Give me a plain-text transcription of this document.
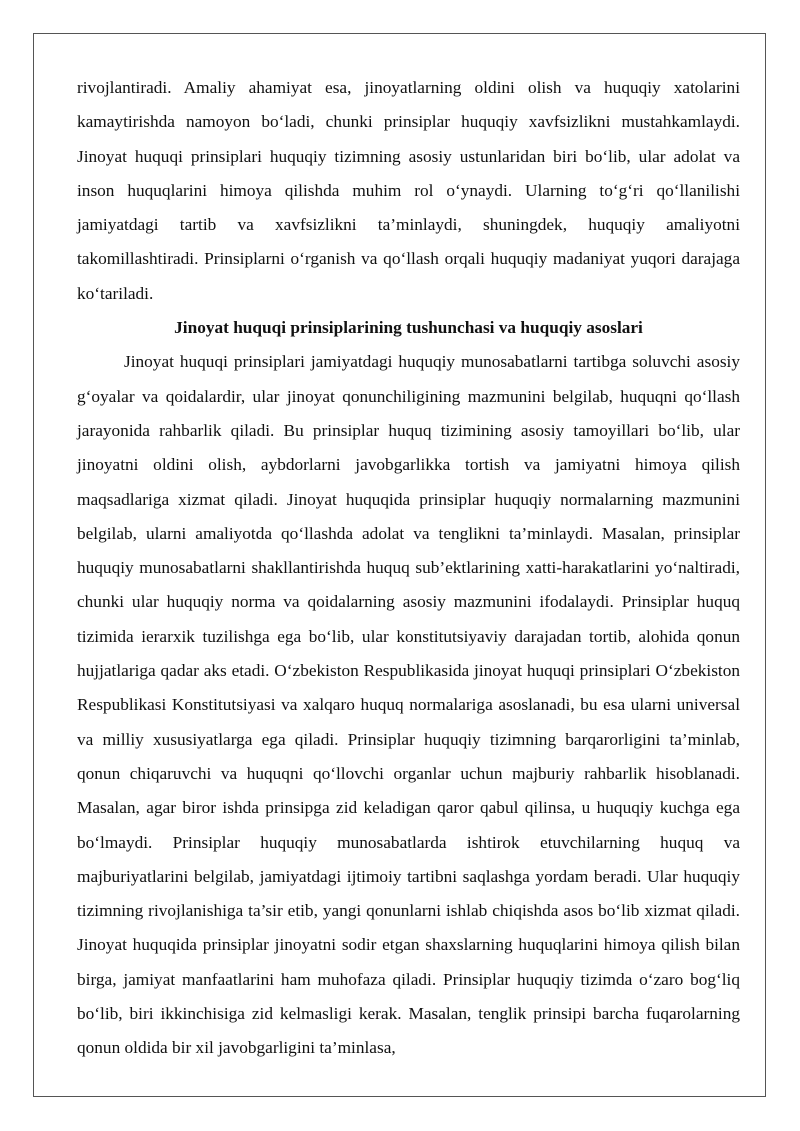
rivojlantiradi. Amaliy ahamiyat esa, jinoyatlarning oldini olish va huquqiy xatolarini kamaytirishda namoyon bo‘ladi, chunki prinsiplar huquqiy xavfsizlikni mustahkamlaydi. Jinoyat huquqi prinsiplari huquqiy tizimning asosiy ustunlaridan biri bo‘lib, ular adolat va inson huquqlarini himoya qilishda muhim rol o‘ynaydi. Ularning to‘g‘ri qo‘llanilishi jamiyatdagi tartib va xavfsizlikni ta’minlaydi, shuningdek, huquqiy amaliyotni takomillashtiradi. Prinsiplarni o‘rganish va qo‘llash orqali huquqiy madaniyat yuqori darajaga ko‘tariladi.

Jinoyat huquqi prinsiplarining tushunchasi va huquqiy asoslari

Jinoyat huquqi prinsiplari jamiyatdagi huquqiy munosabatlarni tartibga soluvchi asosiy g‘oyalar va qoidalardir, ular jinoyat qonunchiligining mazmunini belgilab, huquqni qo‘llash jarayonida rahbarlik qiladi. Bu prinsiplar huquq tizimining asosiy tamoyillari bo‘lib, ular jinoyatni oldini olish, aybdorlarni javobgarlikka tortish va jamiyatni himoya qilish maqsadlariga xizmat qiladi. Jinoyat huquqida prinsiplar huquqiy normalarning mazmunini belgilab, ularni amaliyotda qo‘llashda adolat va tenglikni ta’minlaydi. Masalan, prinsiplar huquqiy munosabatlarni shakllantirishda huquq sub’ektlarining xatti-harakatlarini yo‘naltiradi, chunki ular huquqiy norma va qoidalarning asosiy mazmunini ifodalaydi. Prinsiplar huquq tizimida ierarxik tuzilishga ega bo‘lib, ular konstitutsiyaviy darajadan tortib, alohida qonun hujjatlariga qadar aks etadi. O‘zbekiston Respublikasida jinoyat huquqi prinsiplari O‘zbekiston Respublikasi Konstitutsiyasi va xalqaro huquq normalariga asoslanadi, bu esa ularni universal va milliy xususiyatlarga ega qiladi. Prinsiplar huquqiy tizimning barqarorligini ta’minlab, qonun chiqaruvchi va huquqni qo‘llovchi organlar uchun majburiy rahbarlik hisoblanadi. Masalan, agar biror ishda prinsipga zid keladigan qaror qabul qilinsa, u huquqiy kuchga ega bo‘lmaydi. Prinsiplar huquqiy munosabatlarda ishtirok etuvchilarning huquq va majburiyatlarini belgilab, jamiyatdagi ijtimoiy tartibni saqlashga yordam beradi. Ular huquqiy tizimning rivojlanishiga ta’sir etib, yangi qonunlarni ishlab chiqishda asos bo‘lib xizmat qiladi. Jinoyat huquqida prinsiplar jinoyatni sodir etgan shaxslarning huquqlarini himoya qilish bilan birga, jamiyat manfaatlarini ham muhofaza qiladi. Prinsiplar huquqiy tizimda o‘zaro bog‘liq bo‘lib, biri ikkinchisiga zid kelmasligi kerak. Masalan, tenglik prinsipi barcha fuqarolarning qonun oldida bir xil javobgarligini ta’minlasa,
